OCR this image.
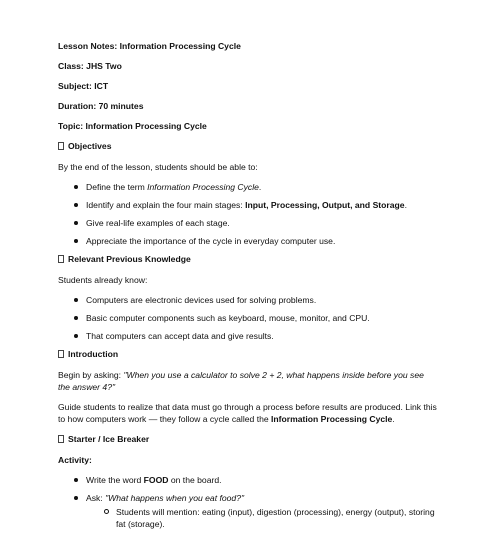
Lesson Notes: Information Processing Cycle
Class: JHS Two
Subject: ICT
Duration: 70 minutes
Topic: Information Processing Cycle
Objectives
By the end of the lesson, students should be able to:
Define the term Information Processing Cycle.
Identify and explain the four main stages: Input, Processing, Output, and Storage.
Give real-life examples of each stage.
Appreciate the importance of the cycle in everyday computer use.
Relevant Previous Knowledge
Students already know:
Computers are electronic devices used for solving problems.
Basic computer components such as keyboard, mouse, monitor, and CPU.
That computers can accept data and give results.
Introduction
Begin by asking: "When you use a calculator to solve 2 + 2, what happens inside before you see the answer 4?"
Guide students to realize that data must go through a process before results are produced. Link this to how computers work — they follow a cycle called the Information Processing Cycle.
Starter / Ice Breaker
Activity:
Write the word FOOD on the board.
Ask: "What happens when you eat food?"
Students will mention: eating (input), digestion (processing), energy (output), storing fat (storage).
